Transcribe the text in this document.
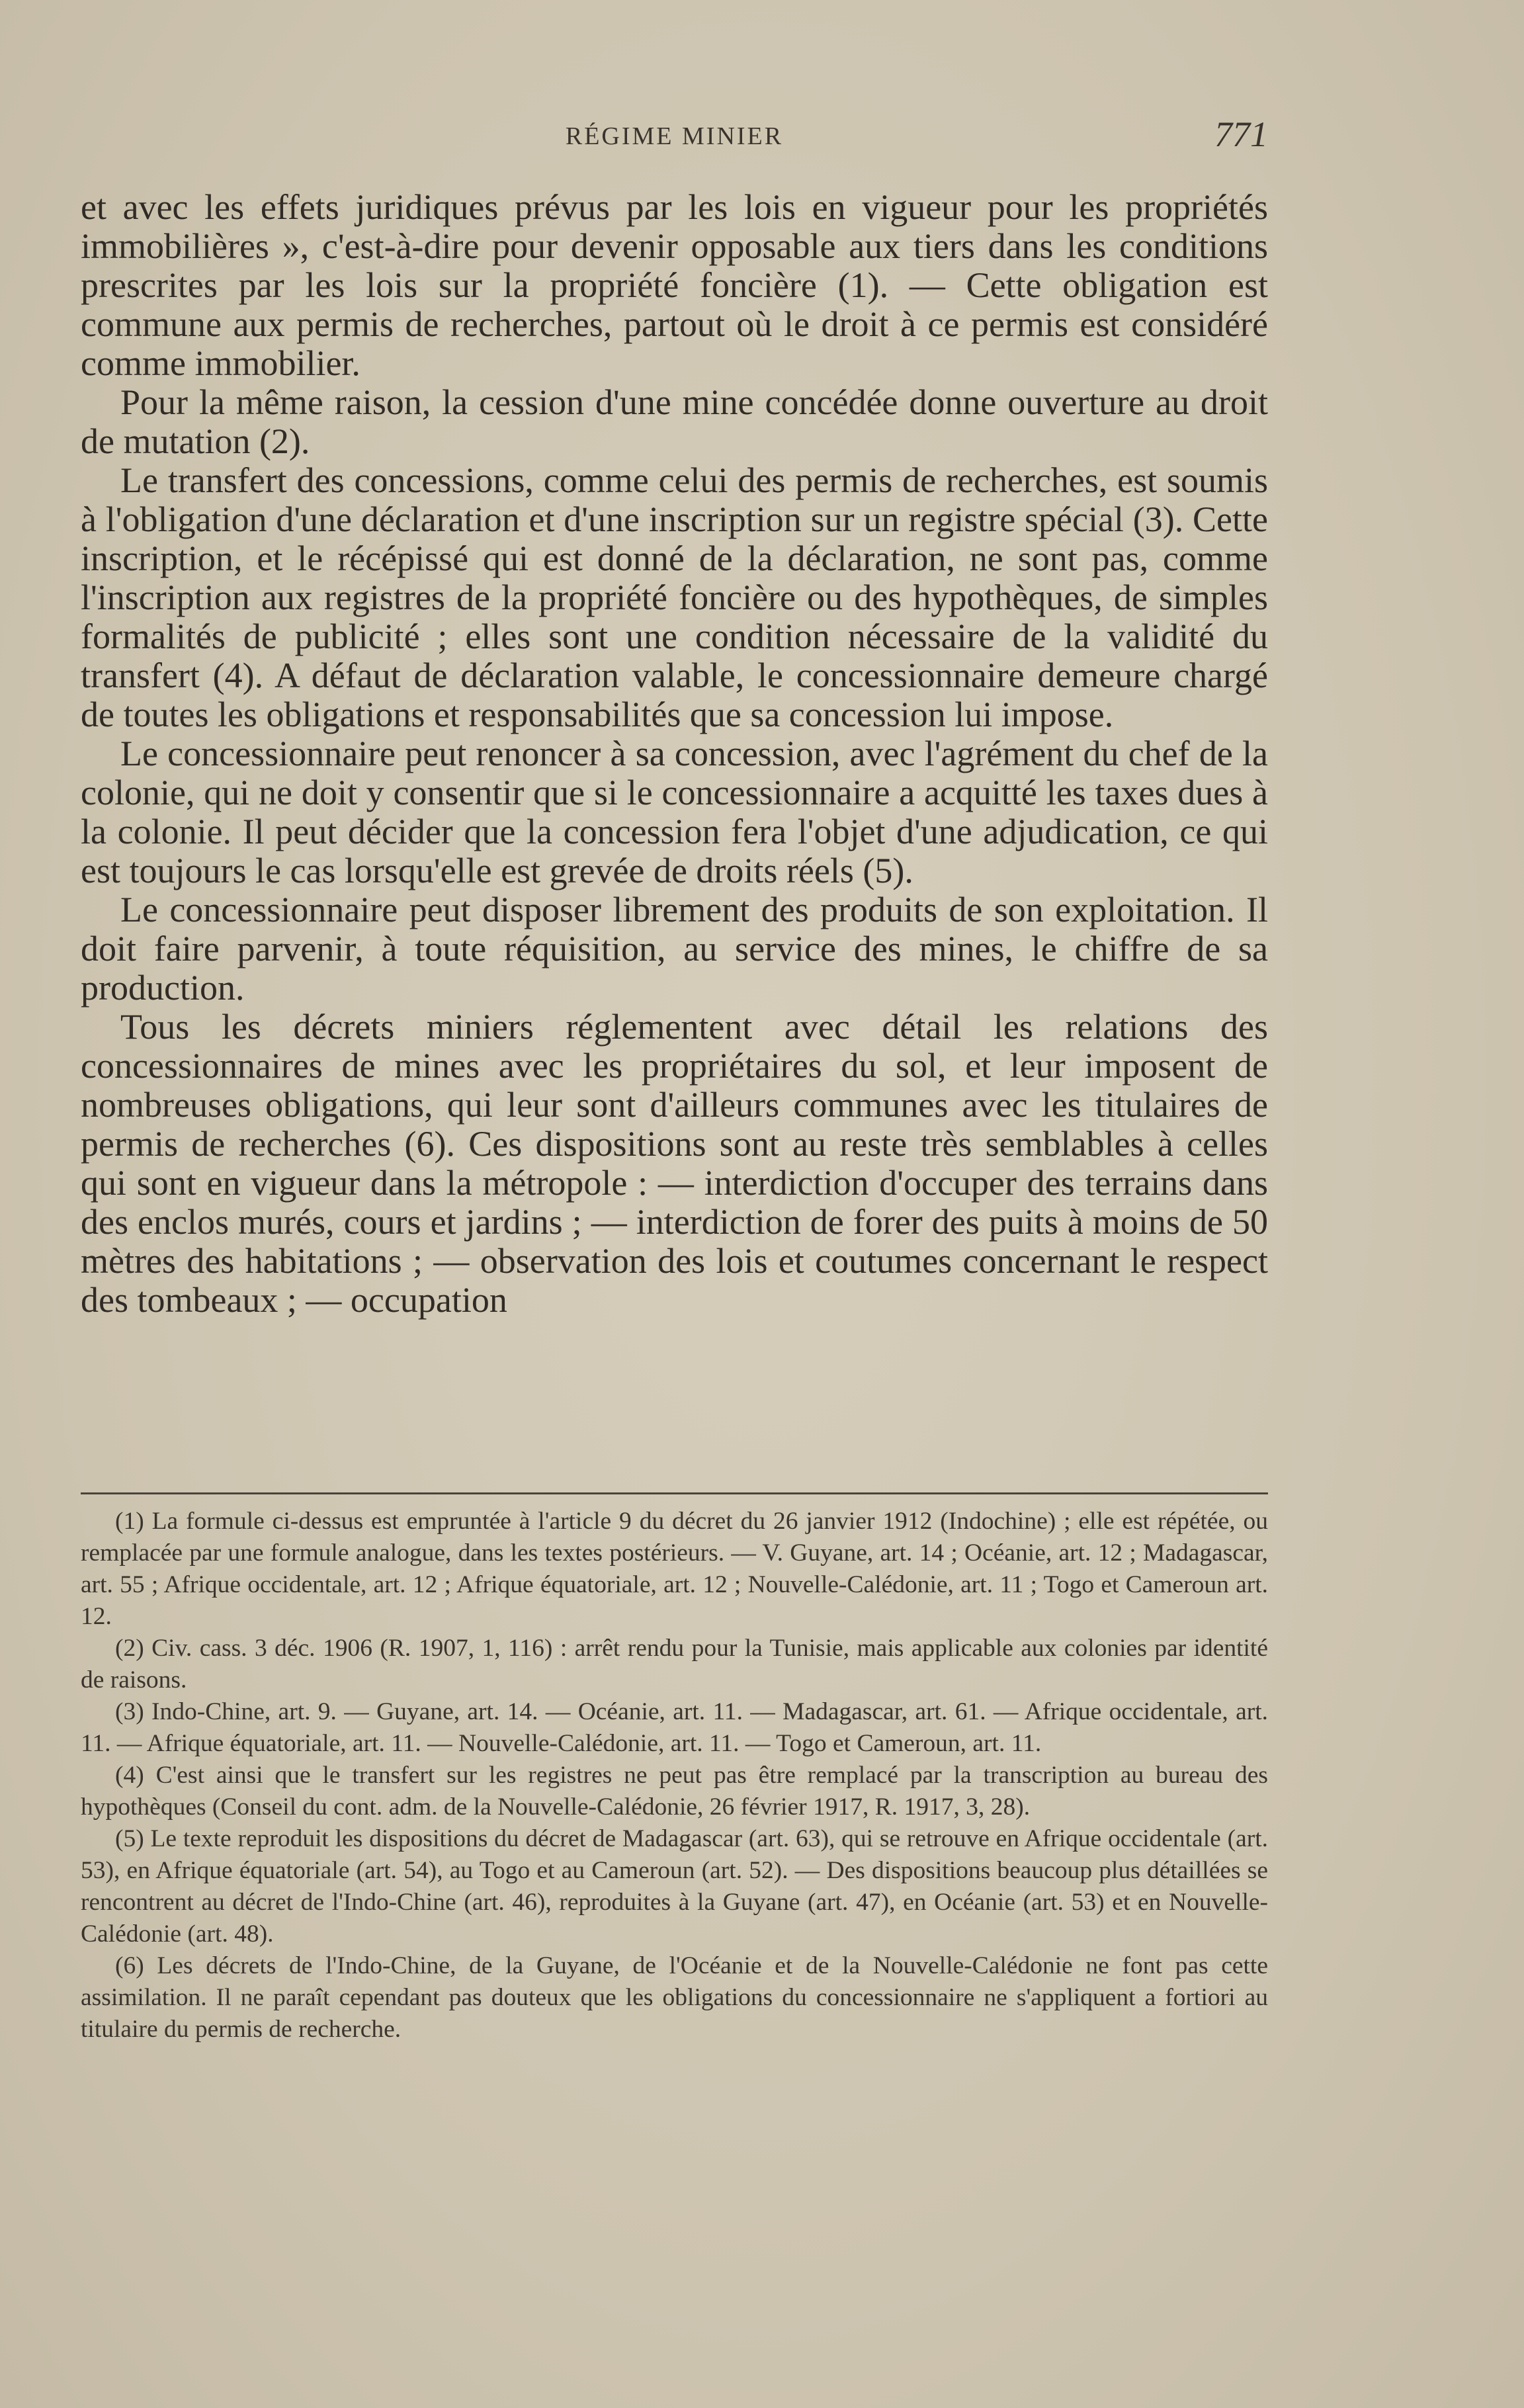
RÉGIME MINIER	771

et avec les effets juridiques prévus par les lois en vigueur pour les propriétés immobilières », c'est-à-dire pour devenir opposable aux tiers dans les conditions prescrites par les lois sur la propriété foncière (1). — Cette obligation est commune aux permis de recherches, partout où le droit à ce permis est considéré comme immobilier.

Pour la même raison, la cession d'une mine concédée donne ouverture au droit de mutation (2).

Le transfert des concessions, comme celui des permis de recherches, est soumis à l'obligation d'une déclaration et d'une inscription sur un registre spécial (3). Cette inscription, et le récépissé qui est donné de la déclaration, ne sont pas, comme l'inscription aux registres de la propriété foncière ou des hypothèques, de simples formalités de publicité ; elles sont une condition nécessaire de la validité du transfert (4). A défaut de déclaration valable, le concessionnaire demeure chargé de toutes les obligations et responsabilités que sa concession lui impose.

Le concessionnaire peut renoncer à sa concession, avec l'agrément du chef de la colonie, qui ne doit y consentir que si le concessionnaire a acquitté les taxes dues à la colonie. Il peut décider que la concession fera l'objet d'une adjudication, ce qui est toujours le cas lorsqu'elle est grevée de droits réels (5).

Le concessionnaire peut disposer librement des produits de son exploitation. Il doit faire parvenir, à toute réquisition, au service des mines, le chiffre de sa production.

Tous les décrets miniers réglementent avec détail les relations des concessionnaires de mines avec les propriétaires du sol, et leur imposent de nombreuses obligations, qui leur sont d'ailleurs communes avec les titulaires de permis de recherches (6). Ces dispositions sont au reste très semblables à celles qui sont en vigueur dans la métropole : — interdiction d'occuper des terrains dans des enclos murés, cours et jardins ; — interdiction de forer des puits à moins de 50 mètres des habitations ; — observation des lois et coutumes concernant le respect des tombeaux ; — occupation

(1) La formule ci-dessus est empruntée à l'article 9 du décret du 26 janvier 1912 (Indochine) ; elle est répétée, ou remplacée par une formule analogue, dans les textes postérieurs. — V. Guyane, art. 14 ; Océanie, art. 12 ; Madagascar, art. 55 ; Afrique occidentale, art. 12 ; Afrique équatoriale, art. 12 ; Nouvelle-Calédonie, art. 11 ; Togo et Cameroun art. 12.

(2) Civ. cass. 3 déc. 1906 (R. 1907, 1, 116) : arrêt rendu pour la Tunisie, mais applicable aux colonies par identité de raisons.

(3) Indo-Chine, art. 9. — Guyane, art. 14. — Océanie, art. 11. — Madagascar, art. 61. — Afrique occidentale, art. 11. — Afrique équatoriale, art. 11. — Nouvelle-Calédonie, art. 11. — Togo et Cameroun, art. 11.

(4) C'est ainsi que le transfert sur les registres ne peut pas être remplacé par la transcription au bureau des hypothèques (Conseil du cont. adm. de la Nouvelle-Calédonie, 26 février 1917, R. 1917, 3, 28).

(5) Le texte reproduit les dispositions du décret de Madagascar (art. 63), qui se retrouve en Afrique occidentale (art. 53), en Afrique équatoriale (art. 54), au Togo et au Cameroun (art. 52). — Des dispositions beaucoup plus détaillées se rencontrent au décret de l'Indo-Chine (art. 46), reproduites à la Guyane (art. 47), en Océanie (art. 53) et en Nouvelle-Calédonie (art. 48).

(6) Les décrets de l'Indo-Chine, de la Guyane, de l'Océanie et de la Nouvelle-Calédonie ne font pas cette assimilation. Il ne paraît cependant pas douteux que les obligations du concessionnaire ne s'appliquent a fortiori au titulaire du permis de recherche.
